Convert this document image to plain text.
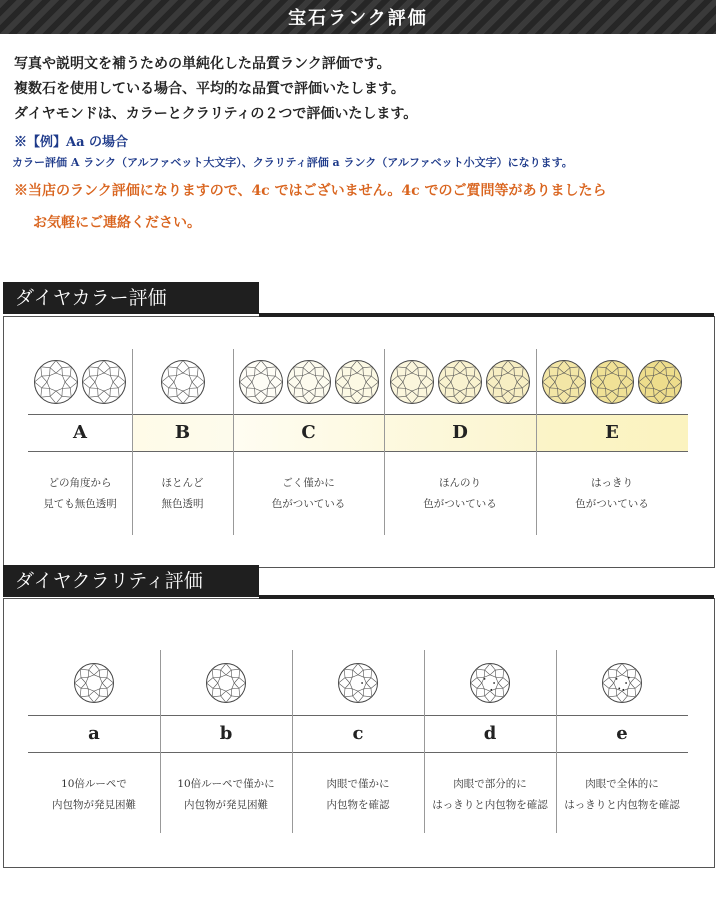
宝石ランク評価

写真や説明文を補うための単純化した品質ランク評価です。

複数石を使用している場合、平均的な品質で評価いたします。

ダイヤモンドは、カラーとクラリティの２つで評価いたします。

※【例】Aa の場合

カラー評価 A ランク（アルファベット大文字）、クラリティ評価 a ランク（アルファベット小文字）になります。

※当店のランク評価になりますので、4c ではございません。4c でのご質問等がありましたら

お気軽にご連絡ください。

ダイヤカラー評価
A
どの角度から
見ても無色透明
B
ほとんど
無色透明
C
ごく僅かに
色がついている
D
ほんのり
色がついている
E
はっきり
色がついている
ダイヤクラリティ評価
a
10倍ルーペで
内包物が発見困難
b
10倍ルーペで僅かに
内包物が発見困難
c
肉眼で僅かに
内包物を確認
d
肉眼で部分的に
はっきりと内包物を確認
e
肉眼で全体的に
はっきりと内包物を確認
